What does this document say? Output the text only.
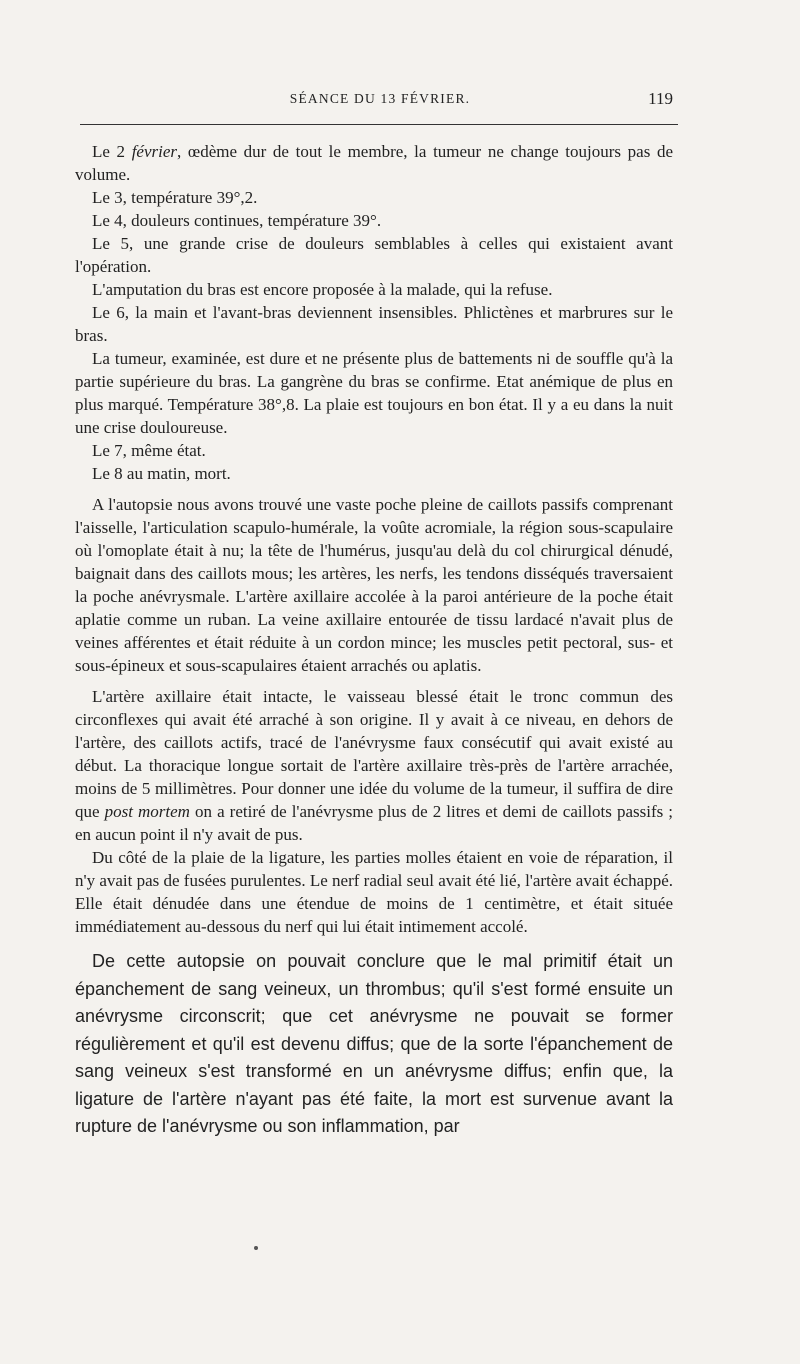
SÉANCE DU 13 FÉVRIER.	119

Le 2 février, œdème dur de tout le membre, la tumeur ne change toujours pas de volume.

Le 3, température 39°,2.

Le 4, douleurs continues, température 39°.

Le 5, une grande crise de douleurs semblables à celles qui existaient avant l'opération.

L'amputation du bras est encore proposée à la malade, qui la refuse.

Le 6, la main et l'avant-bras deviennent insensibles. Phlictènes et marbrures sur le bras.

La tumeur, examinée, est dure et ne présente plus de battements ni de souffle qu'à la partie supérieure du bras. La gangrène du bras se confirme. Etat anémique de plus en plus marqué. Température 38°,8. La plaie est toujours en bon état. Il y a eu dans la nuit une crise douloureuse.

Le 7, même état.

Le 8 au matin, mort.

A l'autopsie nous avons trouvé une vaste poche pleine de caillots passifs comprenant l'aisselle, l'articulation scapulo-humérale, la voûte acromiale, la région sous-scapulaire où l'omoplate était à nu; la tête de l'humérus, jusqu'au delà du col chirurgical dénudé, baignait dans des caillots mous; les artères, les nerfs, les tendons disséqués traversaient la poche anévrysmale. L'artère axillaire accolée à la paroi antérieure de la poche était aplatie comme un ruban. La veine axillaire entourée de tissu lardacé n'avait plus de veines afférentes et était réduite à un cordon mince; les muscles petit pectoral, sus- et sous-épineux et sous-scapulaires étaient arrachés ou aplatis.

L'artère axillaire était intacte, le vaisseau blessé était le tronc commun des circonflexes qui avait été arraché à son origine. Il y avait à ce niveau, en dehors de l'artère, des caillots actifs, tracé de l'anévrysme faux consécutif qui avait existé au début. La thoracique longue sortait de l'artère axillaire très-près de l'artère arrachée, moins de 5 millimètres. Pour donner une idée du volume de la tumeur, il suffira de dire que post mortem on a retiré de l'anévrysme plus de 2 litres et demi de caillots passifs ; en aucun point il n'y avait de pus.

Du côté de la plaie de la ligature, les parties molles étaient en voie de réparation, il n'y avait pas de fusées purulentes. Le nerf radial seul avait été lié, l'artère avait échappé. Elle était dénudée dans une étendue de moins de 1 centimètre, et était située immédiatement au-dessous du nerf qui lui était intimement accolé.

De cette autopsie on pouvait conclure que le mal primitif était un épanchement de sang veineux, un thrombus; qu'il s'est formé ensuite un anévrysme circonscrit; que cet anévrysme ne pouvait se former régulièrement et qu'il est devenu diffus; que de la sorte l'épanchement de sang veineux s'est transformé en un anévrysme diffus; enfin que, la ligature de l'artère n'ayant pas été faite, la mort est survenue avant la rupture de l'anévrysme ou son inflammation, par
